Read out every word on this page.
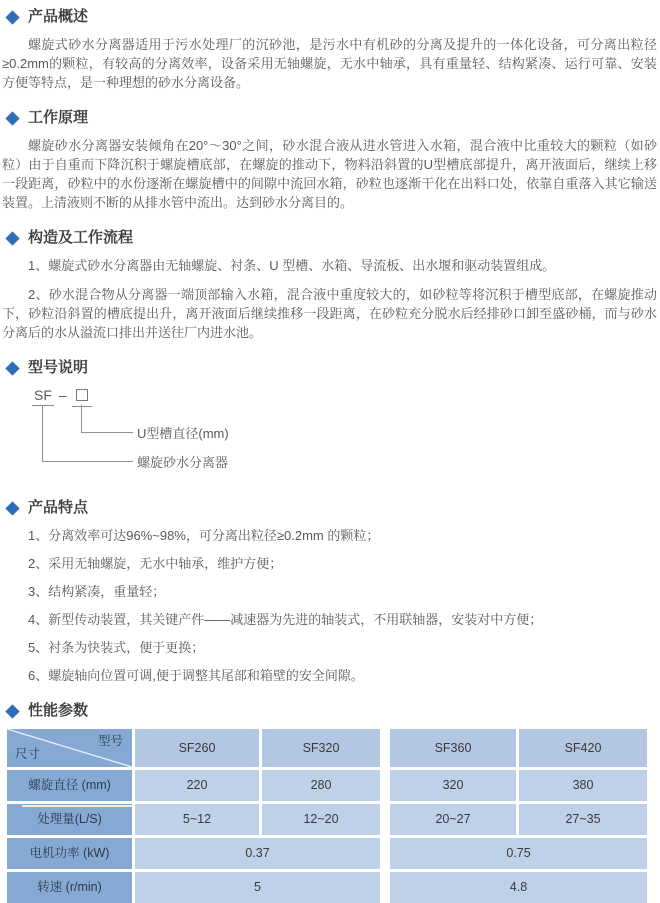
产品概述

螺旋式砂水分离器适用于污水处理厂的沉砂池，是污水中有机砂的分离及提升的一体化设备，可分离出粒径≥0.2mm的颗粒，有较高的分离效率，设备采用无轴螺旋，无水中轴承，具有重量轻、结构紧凑、运行可靠、安装方便等特点，是一种理想的砂水分离设备。

工作原理

螺旋砂水分离器安装倾角在20°～30°之间，砂水混合液从进水管进入水箱，混合液中比重较大的颗粒（如砂粒）由于自重而下降沉积于螺旋槽底部，在螺旋的推动下，物料沿斜置的U型槽底部提升，离开液面后，继续上移一段距离，砂粒中的水份逐渐在螺旋槽中的间隙中流回水箱，砂粒也逐渐干化在出料口处，依靠自重落入其它输送装置。上清液则不断的从排水管中流出。达到砂水分离目的。

构造及工作流程

1、螺旋式砂水分离器由无轴螺旋、衬条、U 型槽、水箱、导流板、出水堰和驱动装置组成。

2、砂水混合物从分离器一端顶部输入水箱，混合液中重度较大的，如砂粒等将沉积于槽型底部，在螺旋推动下，砂粒沿斜置的槽底提出升，离开液面后继续推移一段距离，在砂粒充分脱水后经排砂口卸至盛砂桶，而与砂水分离后的水从溢流口排出并送往厂内进水池。

型号说明
SF –
U型槽直径(mm)
螺旋砂水分离器
产品特点

1、分离效率可达96%~98%，可分离出粒径≥0.2mm 的颗粒；

2、采用无轴螺旋，无水中轴承，维护方便；

3、结构紧凑，重量轻；

4、新型传动装置，其关键产件——减速器为先进的轴装式，不用联轴器，安装对中方便；

5、衬条为快装式，便于更换；

6、螺旋轴向位置可调,便于调整其尾部和箱壁的安全间隙。

性能参数
型号
尺寸	SF260	SF320	SF360	SF420
螺旋直径 (mm)	220	280	320	380
处理量(L/S)	5~12	12~20	20~27	27~35
电机功率 (kW)	0.37	0.75
转速 (r/min)	5	4.8
